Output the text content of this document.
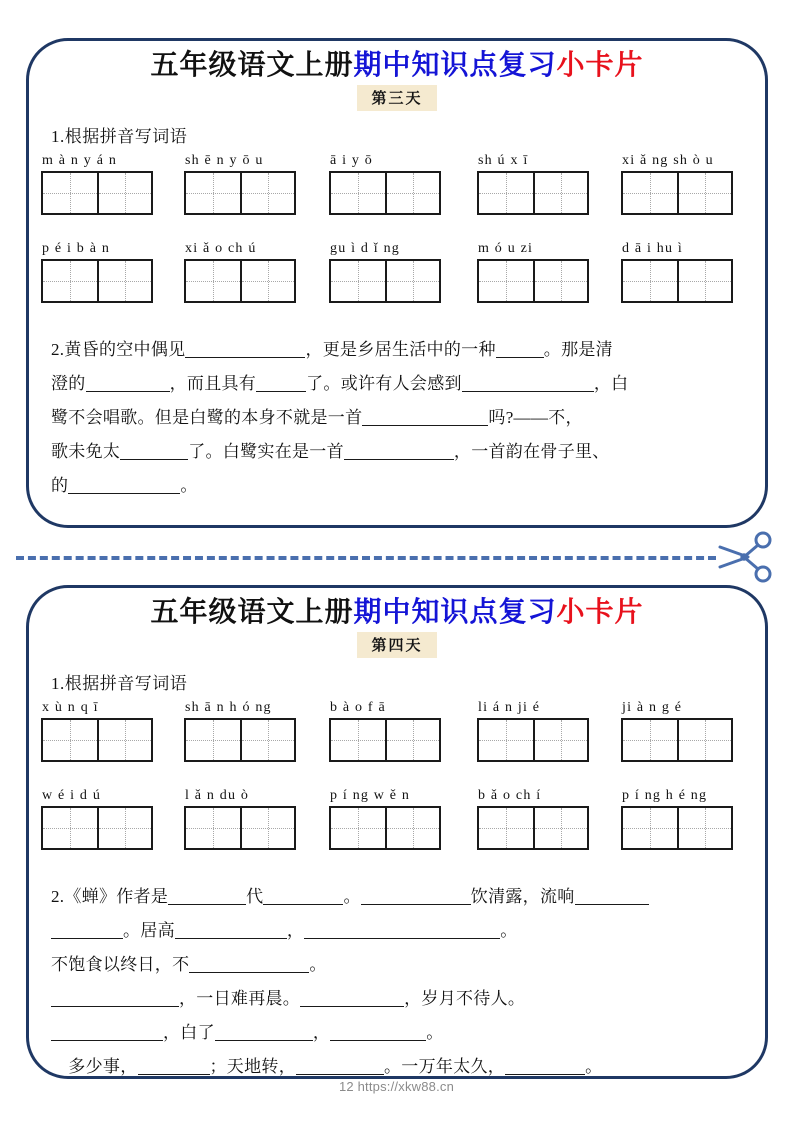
五年级语文上册期中知识点复习小卡片
第三天
1.根据拼音写词语
m à n y á n	sh ē n y ō u	ā i y ō	sh ú x ī	xi ǎ ng sh ò u
p é i b à n	xi ǎ o ch ú	gu ì d ǐ ng	m ó u zi	d ā i hu ì
2.黄昏的空中偶见	，更是乡居生活中的一种	。那是清
澄的	，而且具有	了。或许有人会感到	，白
鹭不会唱歌。但是白鹭的本身不就是一首	吗?——不，
歌未免太	了。白鹭实在是一首	，一首韵在骨子里、
的	。
五年级语文上册期中知识点复习小卡片
第四天
1.根据拼音写词语
x ù n q ī	sh ā n h ó ng	b à o f ā	li á n ji é	ji à n g é
w é i d ú	l ǎ n du ò	p í ng w ě n	b ǎ o ch í	p í ng h é ng
2.《蝉》作者是	代	。	饮清露，流响
。居高	，	。
不饱食以终日，不	。
，一日难再晨。	，岁月不待人。
，白了	，	。
　多少事，	；天地转，	。一万年太久，	。
12 https://xkw88.cn
